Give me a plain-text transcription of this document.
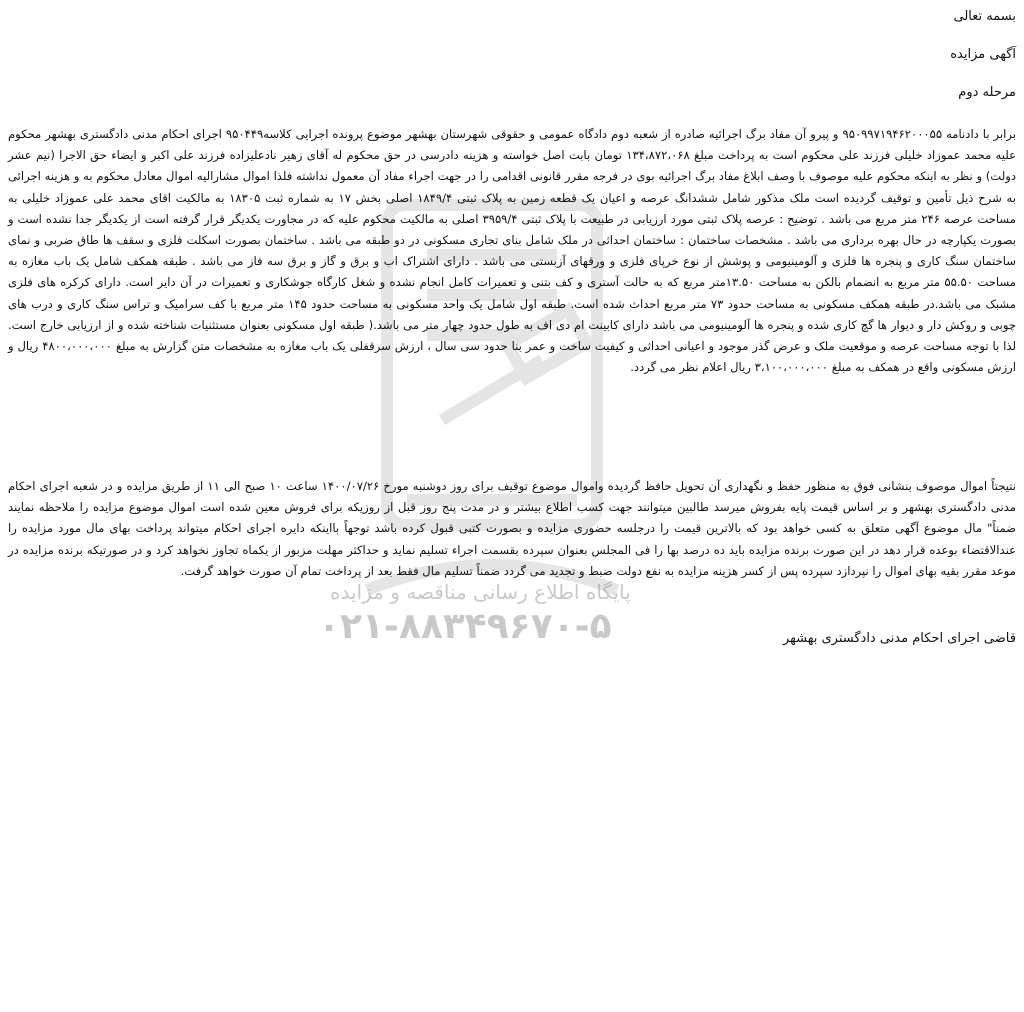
پایگاه اطلاع رسانی مناقصه و مزایده
۰۲۱-۸۸۳۴۹۶۷۰-۵
بسمه تعالی
آگهی مزایده
مرحله دوم

برابر با دادنامه ۹۵۰۹۹۷۱۹۴۶۲۰۰۰۵۵ و پیرو آن مفاد برگ اجرائیه صادره از شعبه دوم دادگاه عمومی و حقوقی شهرستان بهشهر موضوع پرونده اجرایی کلاسه۹۵۰۴۴۹ اجرای احکام مدنی دادگستری بهشهر محکوم علیه محمد عموزاد خلیلی فرزند علی محکوم است به پرداخت مبلغ ۱۳۴،۸۷۲،۰۶۸ تومان بابت اصل خواسته و هزینه دادرسی در حق محکوم له آقای زهیر نادعلیزاده فرزند علی اکبر و ایضاء حق الاجرا (نیم عشر دولت) و نظر به اینکه محکوم علیه موصوف با وصف ابلاغ مفاد برگ اجرائیه بوی در فرجه مقرر قانونی اقدامی را در جهت اجراء مفاد آن معمول نداشته فلذا اموال مشاراليه اموال معادل محکوم به و هزینه اجرائی به شرح ذیل تأمین و توقیف گردیده است ملک مذکور شامل ششدانگ عرصه و اعیان یک قطعه زمین به پلاک ثبتی ۱۸۴۹/۴ اصلی بخش ۱۷ به شماره ثبت ۱۸۳۰۵ به مالکیت اقای محمد علی عموزاد خلیلی به مساحت عرصه ۲۴۶ متر مربع می باشد . توضیح : عرصه پلاک ثبتی مورد ارزیابی در طبیعت با پلاک ثبتی ۳۹۵۹/۴ اصلی به مالکیت محکوم علیه که در مجاورت یکدیگر قرار گرفته است از یکدیگر جدا نشده است و بصورت یکپارچه در حال بهره برداری می باشد . مشخصات ساختمان : ساختمان احداثی در ملک شامل بنای تجاری مسکونی در دو طبقه می باشد . ساختمان بصورت اسکلت فلزی و سقف ها طاق ضربی و نمای ساختمان سنگ کاری و پنجره ها فلزی و آلومینیومی و پوشش از نوع خرپای فلزی و ورقهای آزبستی می باشد . دارای اشتراک اب و برق و گاز و برق سه فاز می باشد . طبقه همکف شامل یک باب مغازه به مساحت ۵۵.۵۰ متر مربع به انضمام بالکن به مساحت ۱۳.۵۰متر مربع که به حالت آستری و کف بتنی و تعمیرات کامل انجام نشده و شغل کارگاه جوشکاری و تعمیرات در آن دایر است. دارای کرکره های فلزی مشبک می باشد.در طبقه همکف مسکونی به مساحت حدود ۷۳ متر مربع احداث شده است. طبقه اول شامل یک واحد مسکونی به مساحت حدود ۱۴۵ متر مربع با کف سرامیک و تراس سنگ کاری و درب های چوبی و روکش دار و دیوار ها گچ کاری شده و پنجره ها آلومینیومی می باشد دارای کابینت ام دی اف به طول حدود چهار متر می باشد.( طبقه اول مسکونی بعنوان مستثنیات شناخته شده و از ارزیابی خارج است. لذا با توجه مساحت عرصه و موقعیت ملک و عرض گذر موجود و اعیانی احداثی و کیفیت ساخت و عمر بنا حدود سی سال ، ارزش سرقفلی یک باب مغازه به مشخصات متن گزارش به مبلغ ۴۸۰۰،۰۰۰،۰۰۰ ریال و ارزش مسکونی واقع در همکف به مبلغ ۳،۱۰۰،۰۰۰،۰۰۰ ریال اعلام نظر می گردد.

نتیجتاً اموال موصوف بنشانی فوق به منظور حفظ و نگهداری آن تحویل حافظ گردیده واموال موضوع توقیف برای روز دوشنبه مورخ ۱۴۰۰/۰۷/۲۶ ساعت ۱۰ صبح الی ۱۱ از طریق مزایده و در شعبه اجرای احکام مدنی دادگستری بهشهر و بر اساس قیمت پایه بفروش میرسد طالبین میتوانند جهت کسب اطلاع بیشتر و در مدت پنج روز قبل از روزیکه برای فروش معین شده است اموال موضوع مزایده را ملاحظه نمایند ضمناً" مال موضوع آگهی متعلق به کسی خواهد بود که بالاترین قیمت را درجلسه حضوری مزایده و بصورت کتبی قبول کرده باشد توجهاً بااینکه دایره اجرای احکام میتواند پرداخت بهای مال مورد مزایده را عندالاقتضاء بوعده قرار دهد در این صورت برنده مزایده باید ده درصد بها را فی المجلس بعنوان سپرده بقسمت اجراء تسلیم نماید و حداکثر مهلت مزبور از یکماه تجاوز نخواهد کرد و در صورتیکه برنده مزایده در موعد مقرر بقیه بهای اموال را نپردازد سپرده پس از کسر هزینه مزایده به نفع دولت ضبط و تجدید می گردد ضمناً تسلیم مال فقط بعد از پرداخت تمام آن صورت خواهد گرفت.

قاضی اجرای احکام مدنی دادگستری بهشهر
